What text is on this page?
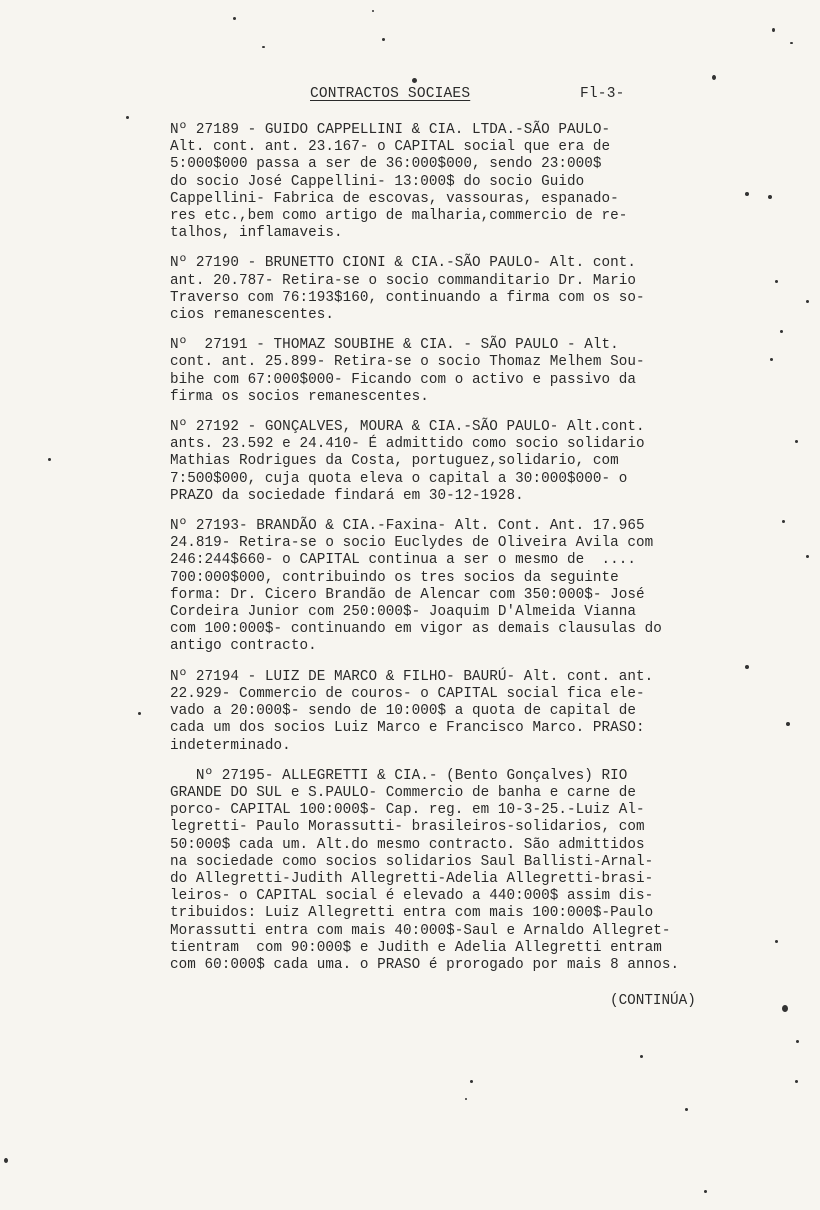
CONTRACTOS SOCIAES	Fl-3-
Nº 27189 - GUIDO CAPPELLINI & CIA. LTDA.-SÃO PAULO-
Alt. cont. ant. 23.167- o CAPITAL social que era de
5:000$000 passa a ser de 36:000$000, sendo 23:000$
do socio José Cappellini- 13:000$ do socio Guido
Cappellini- Fabrica de escovas, vassouras, espanado-
res etc.,bem como artigo de malharia,commercio de re-
talhos, inflamaveis.
Nº 27190 - BRUNETTO CIONI & CIA.-SÃO PAULO- Alt. cont.
ant. 20.787- Retira-se o socio commanditario Dr. Mario
Traverso com 76:193$160, continuando a firma com os so-
cios remanescentes.
Nº  27191 - THOMAZ SOUBIHE & CIA. - SÃO PAULO - Alt.
cont. ant. 25.899- Retira-se o socio Thomaz Melhem Sou-
bihe com 67:000$000- Ficando com o activo e passivo da
firma os socios remanescentes.
Nº 27192 - GONÇALVES, MOURA & CIA.-SÃO PAULO- Alt.cont.
ants. 23.592 e 24.410- É admittido como socio solidario
Mathias Rodrigues da Costa, portuguez,solidario, com
7:500$000, cuja quota eleva o capital a 30:000$000- o
PRAZO da sociedade findará em 30-12-1928.
Nº 27193- BRANDÃO & CIA.-Faxina- Alt. Cont. Ant. 17.965
24.819- Retira-se o socio Euclydes de Oliveira Avila com
246:244$660- o CAPITAL continua a ser o mesmo de  ....
700:000$000, contribuindo os tres socios da seguinte
forma: Dr. Cicero Brandão de Alencar com 350:000$- José
Cordeira Junior com 250:000$- Joaquim D'Almeida Vianna
com 100:000$- continuando em vigor as demais clausulas do
antigo contracto.
Nº 27194 - LUIZ DE MARCO & FILHO- BAURÚ- Alt. cont. ant.
22.929- Commercio de couros- o CAPITAL social fica ele-
vado a 20:000$- sendo de 10:000$ a quota de capital de
cada um dos socios Luiz Marco e Francisco Marco. PRASO:
indeterminado.
Nº 27195- ALLEGRETTI & CIA.- (Bento Gonçalves) RIO
GRANDE DO SUL e S.PAULO- Commercio de banha e carne de
porco- CAPITAL 100:000$- Cap. reg. em 10-3-25.-Luiz Al-
legretti- Paulo Morassutti- brasileiros-solidarios, com
50:000$ cada um. Alt.do mesmo contracto. São admittidos
na sociedade como socios solidarios Saul Ballisti-Arnal-
do Allegretti-Judith Allegretti-Adelia Allegretti-brasi-
leiros- o CAPITAL social é elevado a 440:000$ assim dis-
tribuidos: Luiz Allegretti entra com mais 100:000$-Paulo
Morassutti entra com mais 40:000$-Saul e Arnaldo Allegret-
tientram  com 90:000$ e Judith e Adelia Allegretti entram
com 60:000$ cada uma. o PRASO é prorogado por mais 8 annos.
(CONTINÚA)
